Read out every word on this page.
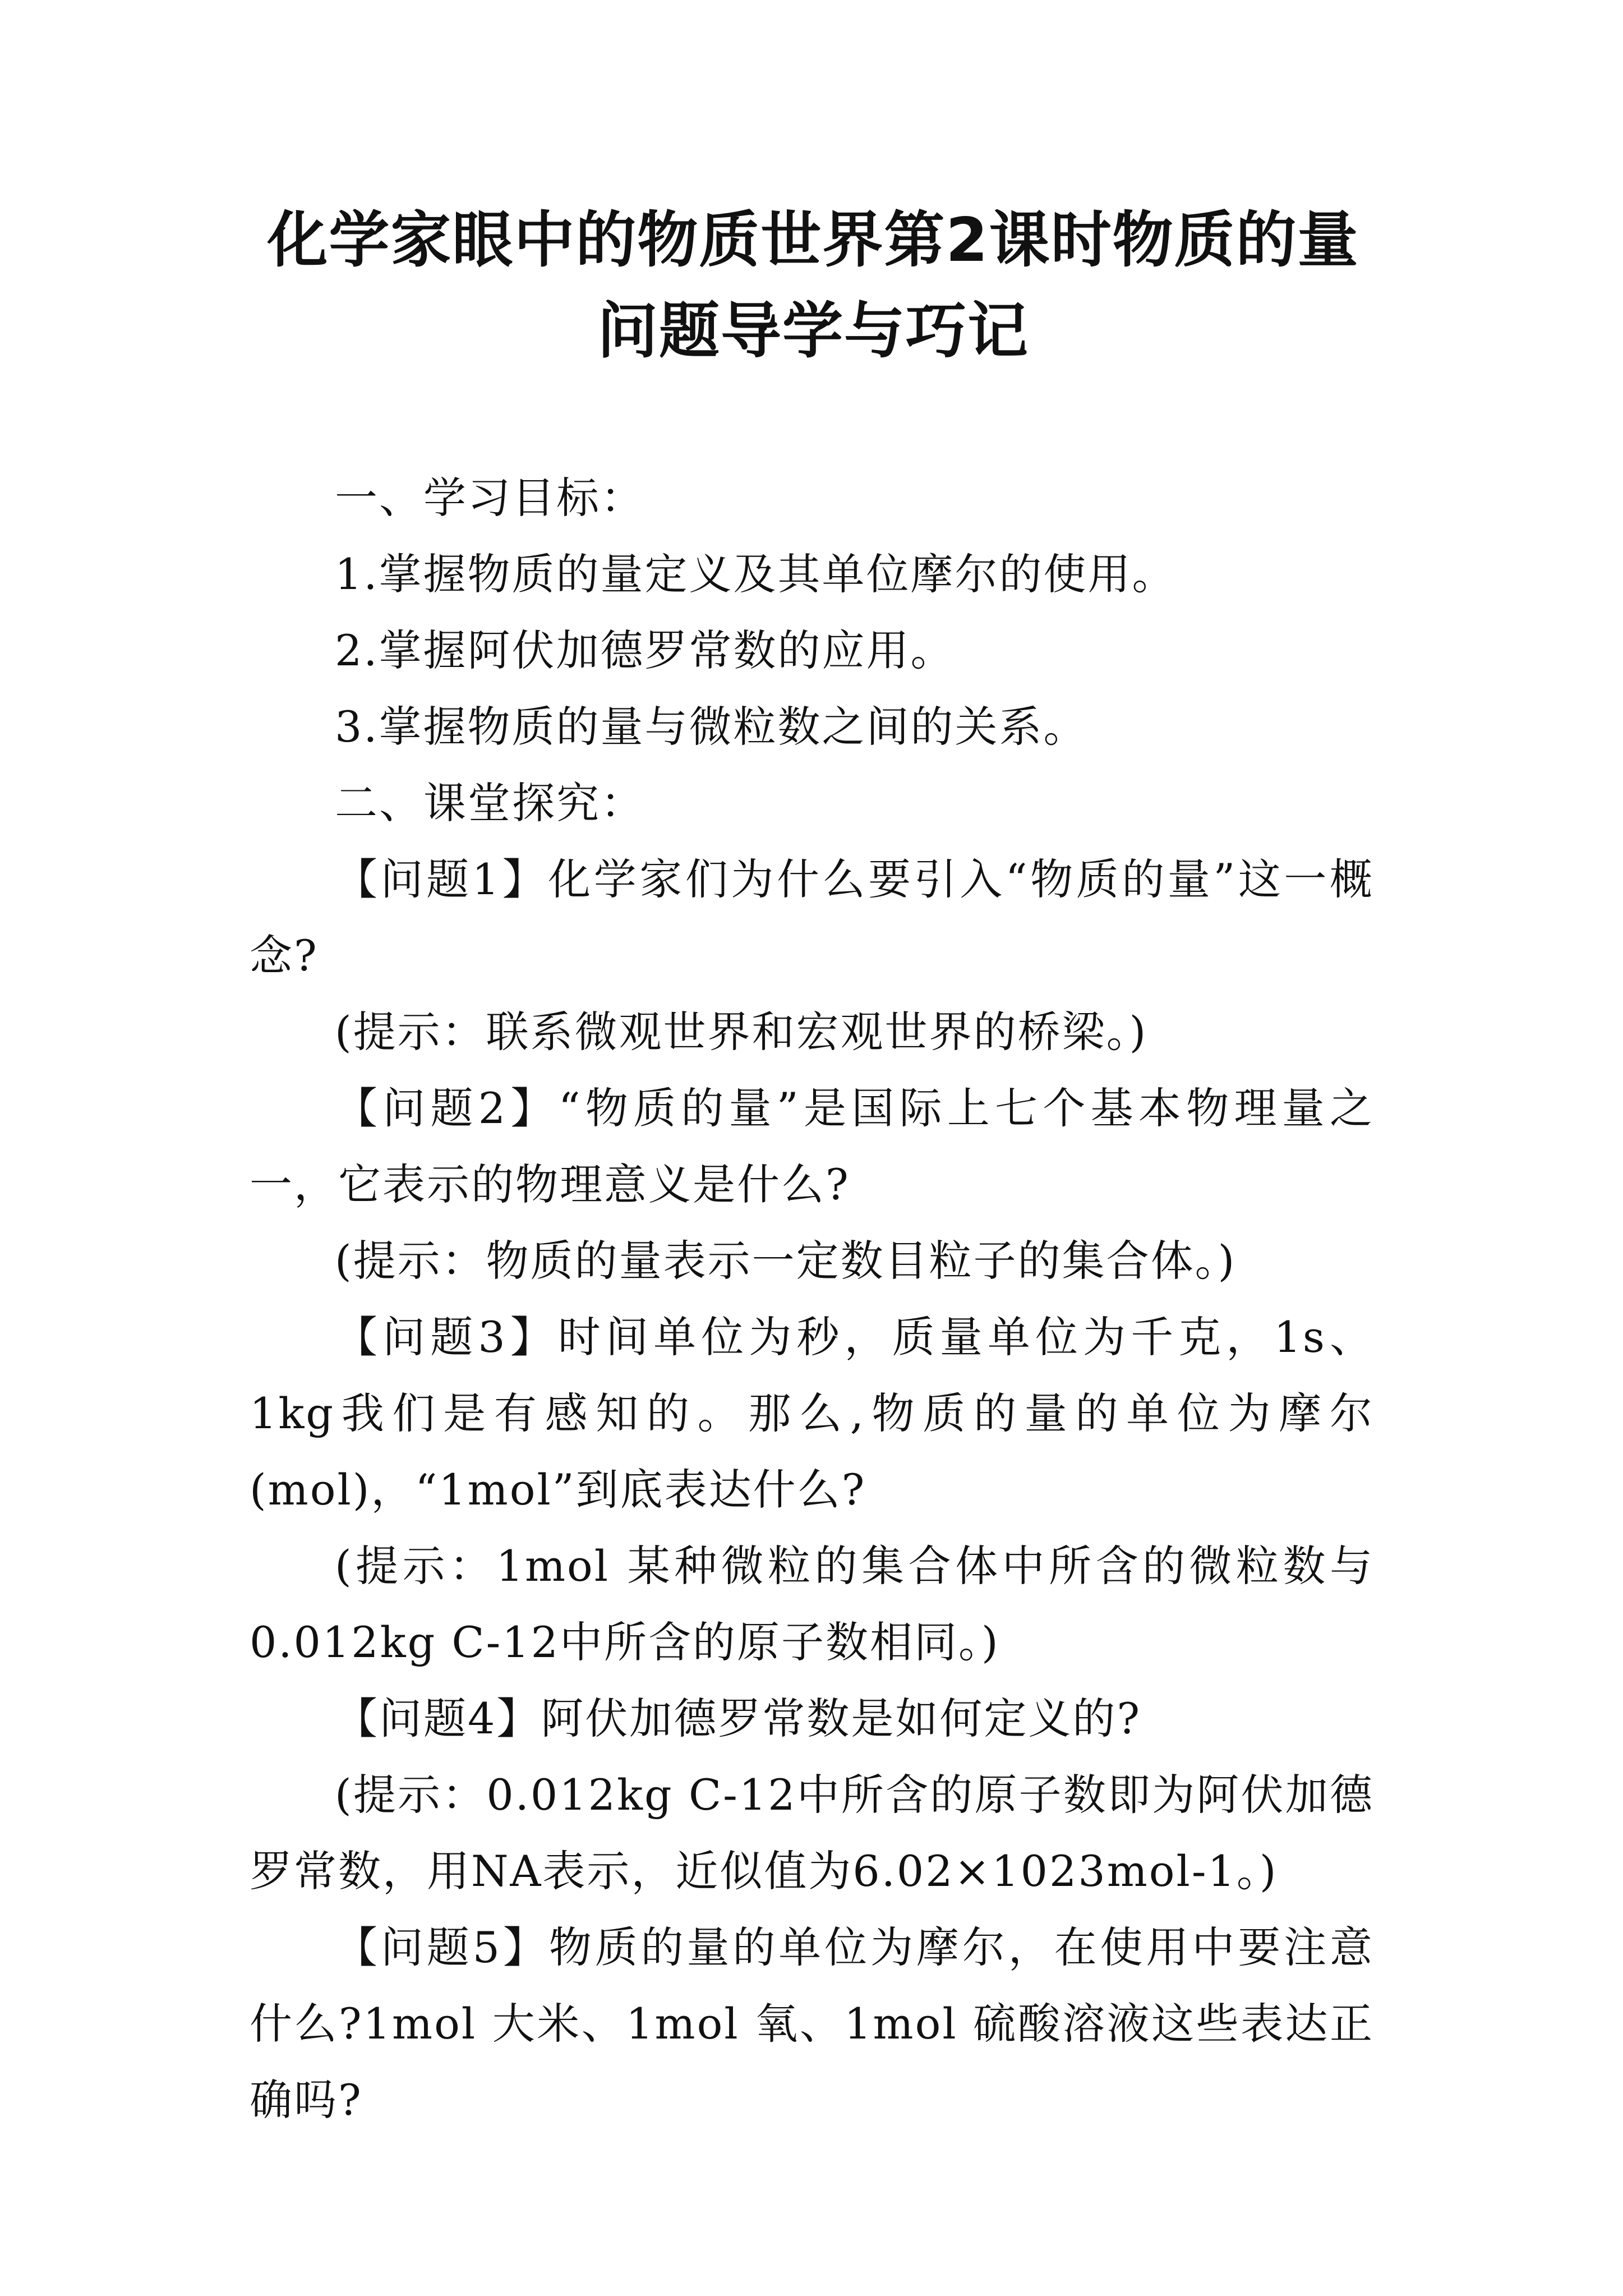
化学家眼中的物质世界第2课时物质的量问题导学与巧记

一、学习目标：

1.掌握物质的量定义及其单位摩尔的使用。

2.掌握阿伏加德罗常数的应用。

3.掌握物质的量与微粒数之间的关系。

二、课堂探究：

【问题1】化学家们为什么要引入“物质的量”这一概念?

(提示：联系微观世界和宏观世界的桥梁。)

【问题2】“物质的量”是国际上七个基本物理量之一，它表示的物理意义是什么?

(提示：物质的量表示一定数目粒子的集合体。)

【问题3】时间单位为秒，质量单位为千克，1s、1kg我们是有感知的。那么,物质的量的单位为摩尔(mol)，“1mol”到底表达什么?

(提示：1mol 某种微粒的集合体中所含的微粒数与0.012kg C-12中所含的原子数相同。)

【问题4】阿伏加德罗常数是如何定义的?

(提示：0.012kg C-12中所含的原子数即为阿伏加德罗常数，用NA表示，近似值为6.02×1023mol-1。)

【问题5】物质的量的单位为摩尔，在使用中要注意什么?1mol 大米、1mol 氧、1mol 硫酸溶液这些表达正确吗?
